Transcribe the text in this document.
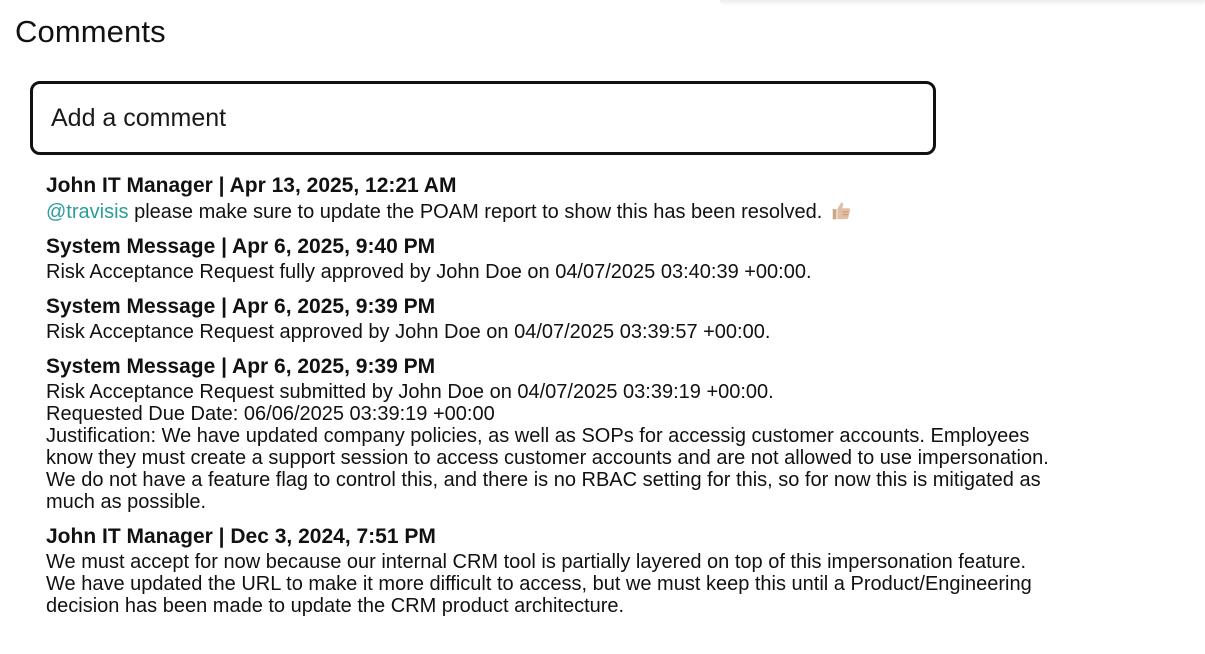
Comments
Add a comment
John IT Manager | Apr 13, 2025, 12:21 AM
@travisis please make sure to update the POAM report to show this has been resolved.
System Message | Apr 6, 2025, 9:40 PM
Risk Acceptance Request fully approved by John Doe on 04/07/2025 03:40:39 +00:00.
System Message | Apr 6, 2025, 9:39 PM
Risk Acceptance Request approved by John Doe on 04/07/2025 03:39:57 +00:00.
System Message | Apr 6, 2025, 9:39 PM
Risk Acceptance Request submitted by John Doe on 04/07/2025 03:39:19 +00:00.
Requested Due Date: 06/06/2025 03:39:19 +00:00
Justification: We have updated company policies, as well as SOPs for accessig customer accounts. Employees
know they must create a support session to access customer accounts and are not allowed to use impersonation.
We do not have a feature flag to control this, and there is no RBAC setting for this, so for now this is mitigated as
much as possible.
John IT Manager | Dec 3, 2024, 7:51 PM
We must accept for now because our internal CRM tool is partially layered on top of this impersonation feature.
We have updated the URL to make it more difficult to access, but we must keep this until a Product/Engineering
decision has been made to update the CRM product architecture.
